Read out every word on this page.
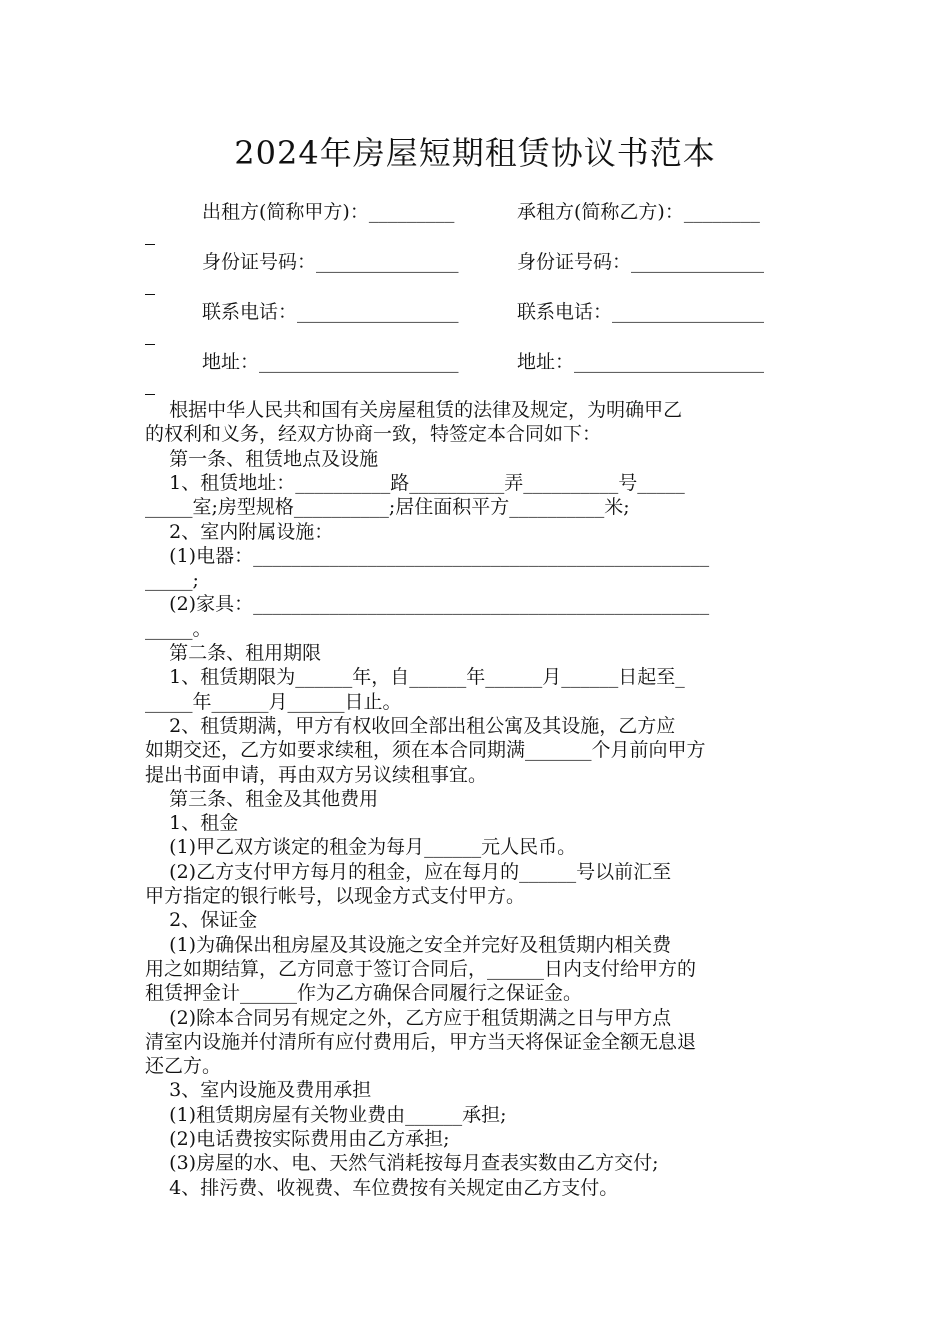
2024年房屋短期租赁协议书范本
出租方(简称甲方)：_________	承租方(简称乙方)：________
身份证号码：_______________	身份证号码：______________
联系电话：_________________	联系电话：________________
地址：_____________________	地址：____________________
根据中华人民共和国有关房屋租赁的法律及规定，为明确甲乙
的权利和义务，经双方协商一致，特签定本合同如下：
第一条、租赁地点及设施
1、租赁地址：__________路__________弄__________号_____
_____室;房型规格__________;居住面积平方__________米;
2、室内附属设施：
(1)电器：________________________________________________
_____;
(2)家具：________________________________________________
_____。
第二条、租用期限
1、租赁期限为______年，自______年______月______日起至_
_____年______月______日止。
2、租赁期满，甲方有权收回全部出租公寓及其设施，乙方应
如期交还，乙方如要求续租，须在本合同期满_______个月前向甲方
提出书面申请，再由双方另议续租事宜。
第三条、租金及其他费用
1、租金
(1)甲乙双方谈定的租金为每月______元人民币。
(2)乙方支付甲方每月的租金，应在每月的______号以前汇至
甲方指定的银行帐号，以现金方式支付甲方。
2、保证金
(1)为确保出租房屋及其设施之安全并完好及租赁期内相关费
用之如期结算，乙方同意于签订合同后，______日内支付给甲方的
租赁押金计______作为乙方确保合同履行之保证金。
(2)除本合同另有规定之外，乙方应于租赁期满之日与甲方点
清室内设施并付清所有应付费用后，甲方当天将保证金全额无息退
还乙方。
3、室内设施及费用承担
(1)租赁期房屋有关物业费由______承担;
(2)电话费按实际费用由乙方承担;
(3)房屋的水、电、天然气消耗按每月查表实数由乙方交付;
4、排污费、收视费、车位费按有关规定由乙方支付。
